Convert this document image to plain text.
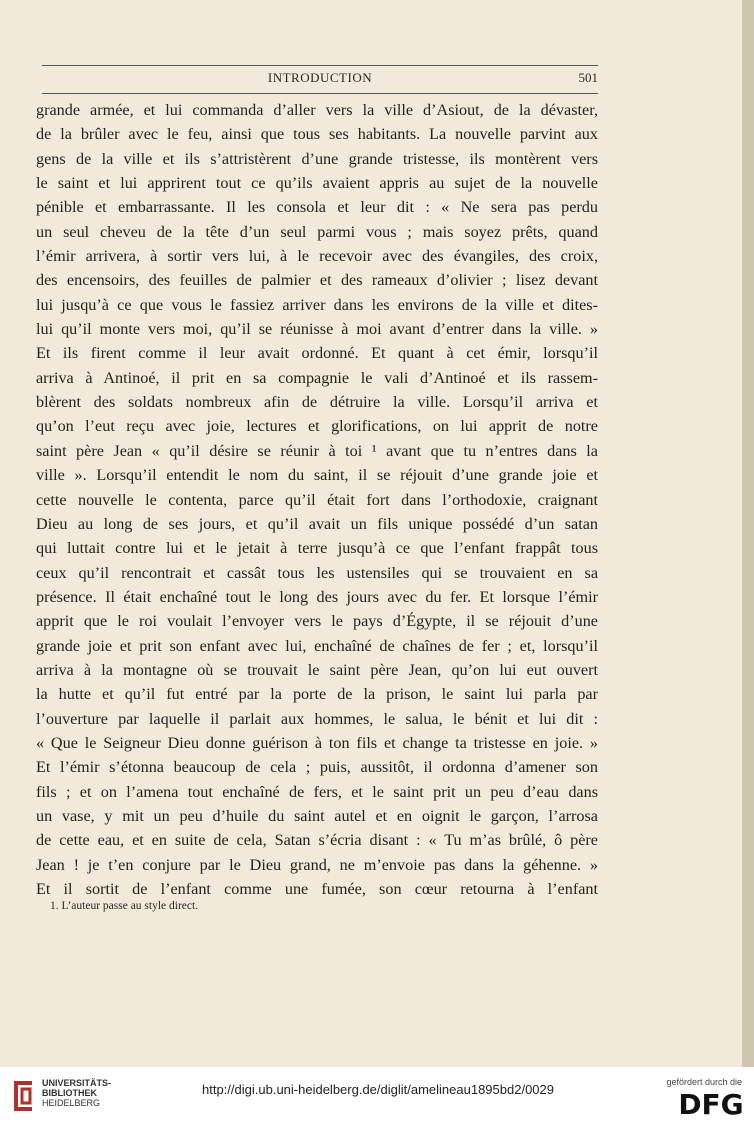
INTRODUCTION	501
grande armée, et lui commanda d’aller vers la ville d’Asiout, de la dévaster,
de la brûler avec le feu, ainsi que tous ses habitants. La nouvelle parvint aux
gens de la ville et ils s’attristèrent d’une grande tristesse, ils montèrent vers
le saint et lui apprirent tout ce qu’ils avaient appris au sujet de la nouvelle
pénible et embarrassante. Il les consola et leur dit : « Ne sera pas perdu
un seul cheveu de la tête d’un seul parmi vous ; mais soyez prêts, quand
l’émir arrivera, à sortir vers lui, à le recevoir avec des évangiles, des croix,
des encensoirs, des feuilles de palmier et des rameaux d’olivier ; lisez devant
lui jusqu’à ce que vous le fassiez arriver dans les environs de la ville et dites-
lui qu’il monte vers moi, qu’il se réunisse à moi avant d’entrer dans la ville. »
Et ils firent comme il leur avait ordonné. Et quant à cet émir, lorsqu’il
arriva à Antinoé, il prit en sa compagnie le vali d’Antinoé et ils rassem-
blèrent des soldats nombreux afin de détruire la ville. Lorsqu’il arriva et
qu’on l’eut reçu avec joie, lectures et glorifications, on lui apprit de notre
saint père Jean « qu’il désire se réunir à toi ¹ avant que tu n’entres dans la
ville ». Lorsqu’il entendit le nom du saint, il se réjouit d’une grande joie et
cette nouvelle le contenta, parce qu’il était fort dans l’orthodoxie, craignant
Dieu au long de ses jours, et qu’il avait un fils unique possédé d’un satan
qui luttait contre lui et le jetait à terre jusqu’à ce que l’enfant frappât tous
ceux qu’il rencontrait et cassât tous les ustensiles qui se trouvaient en sa
présence. Il était enchaîné tout le long des jours avec du fer. Et lorsque l’émir
apprit que le roi voulait l’envoyer vers le pays d’Égypte, il se réjouit d’une
grande joie et prit son enfant avec lui, enchaîné de chaînes de fer ; et, lorsqu’il
arriva à la montagne où se trouvait le saint père Jean, qu’on lui eut ouvert
la hutte et qu’il fut entré par la porte de la prison, le saint lui parla par
l’ouverture par laquelle il parlait aux hommes, le salua, le bénit et lui dit :
« Que le Seigneur Dieu donne guérison à ton fils et change ta tristesse en joie. »
Et l’émir s’étonna beaucoup de cela ; puis, aussitôt, il ordonna d’amener son
fils ; et on l’amena tout enchaîné de fers, et le saint prit un peu d’eau dans
un vase, y mit un peu d’huile du saint autel et en oignit le garçon, l’arrosa
de cette eau, et en suite de cela, Satan s’écria disant : « Tu m’as brûlé, ô père
Jean ! je t’en conjure par le Dieu grand, ne m’envoie pas dans la géhenne. »
Et il sortit de l’enfant comme une fumée, son cœur retourna à l’enfant
1. L’auteur passe au style direct.
UNIVERSITÄTS-
BIBLIOTHEK
HEIDELBERG
http://digi.ub.uni-heidelberg.de/diglit/amelineau1895bd2/0029	gefördert durch die
DFG
